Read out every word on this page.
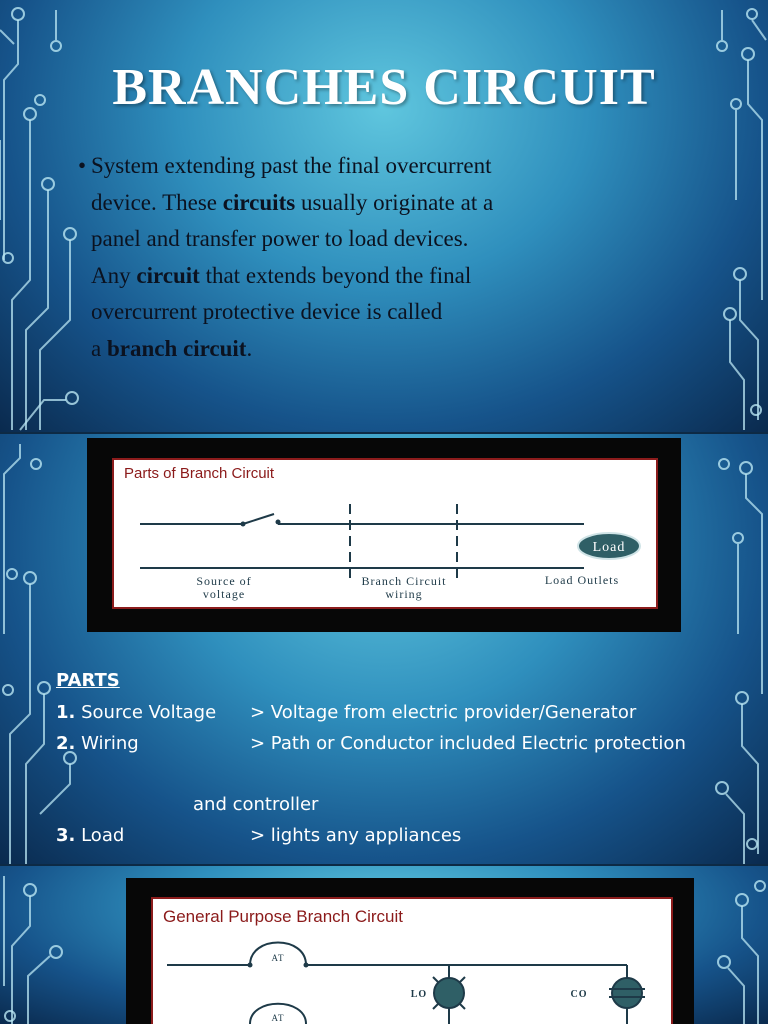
BRANCHES CIRCUIT
• System extending past the final overcurrent

device. These circuits usually originate at a

panel and transfer power to load devices.

Any circuit that extends beyond the final

overcurrent protective device is called

a branch circuit.

Parts of Branch Circuit
Load
Source of
voltage
Branch Circuit
wiring
Load Outlets
PARTS
1. Source Voltage > Voltage from electric provider/Generator
2. Wiring	> Path or Conductor included Electric protection
and controller
3. Load	> lights any appliances
General Purpose Branch Circuit
AT
AT
LO	CO
